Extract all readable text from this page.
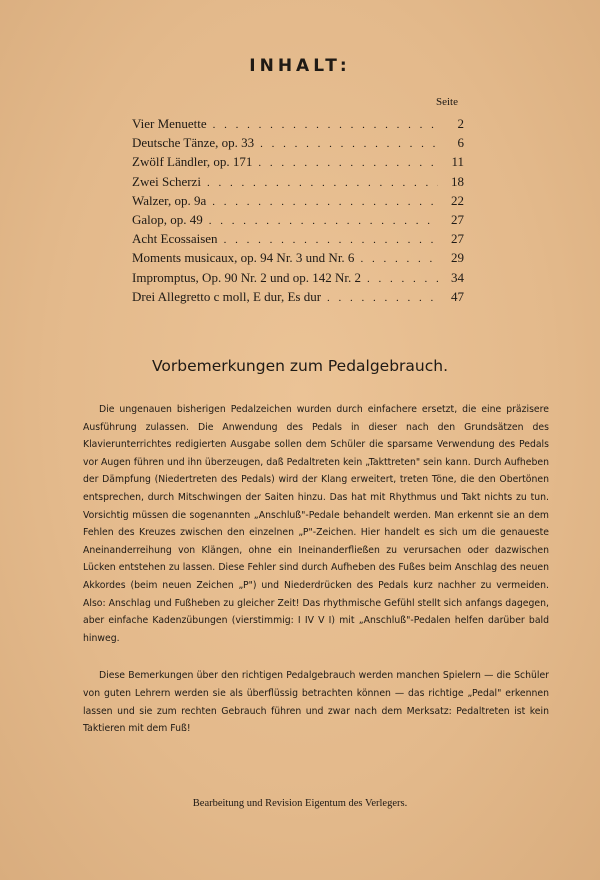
INHALT:
Seite
Vier Menuette . . .	2
Deutsche Tänze, op. 33 . . .	6
Zwölf Ländler, op. 171 . . .	11
Zwei Scherzi . . .	18
Walzer, op. 9a . . .	22
Galop, op. 49 . . .	27
Acht Ecossaisen . . .	27
Moments musicaux, op. 94 Nr. 3 und Nr. 6 . . .	29
Impromptus, Op. 90 Nr. 2 und op. 142 Nr. 2 . . .	34
Drei Allegretto c moll, E dur, Es dur . . .	47
Vorbemerkungen zum Pedalgebrauch.

Die ungenauen bisherigen Pedalzeichen wurden durch einfachere ersetzt, die eine präzisere Ausführung zulassen. Die Anwendung des Pedals in dieser nach den Grundsätzen des Klavierunterrichtes redigierten Ausgabe sollen dem Schüler die sparsame Verwendung des Pedals vor Augen führen und ihn überzeugen, daß Pedaltreten kein „Takttreten" sein kann. Durch Aufheben der Dämpfung (Niedertreten des Pedals) wird der Klang erweitert, treten Töne, die den Obertönen entsprechen, durch Mitschwingen der Saiten hinzu. Das hat mit Rhythmus und Takt nichts zu tun. Vorsichtig müssen die sogenannten „Anschluß"-Pedale behandelt werden. Man erkennt sie an dem Fehlen des Kreuzes zwischen den einzelnen „P"-Zeichen. Hier handelt es sich um die genaueste Aneinanderreihung von Klängen, ohne ein Ineinanderfließen zu verursachen oder dazwischen Lücken entstehen zu lassen. Diese Fehler sind durch Aufheben des Fußes beim Anschlag des neuen Akkordes (beim neuen Zeichen „P") und Niederdrücken des Pedals kurz nachher zu vermeiden. Also: Anschlag und Fußheben zu gleicher Zeit! Das rhythmische Gefühl stellt sich anfangs dagegen, aber einfache Kadenzübungen (vierstimmig: I IV V I) mit „Anschluß"-Pedalen helfen darüber bald hinweg.

Diese Bemerkungen über den richtigen Pedalgebrauch werden manchen Spielern — die Schüler von guten Lehrern werden sie als überflüssig betrachten können — das richtige „Pedal" erkennen lassen und sie zum rechten Gebrauch führen und zwar nach dem Merksatz: Pedaltreten ist kein Taktieren mit dem Fuß!

Bearbeitung und Revision Eigentum des Verlegers.
